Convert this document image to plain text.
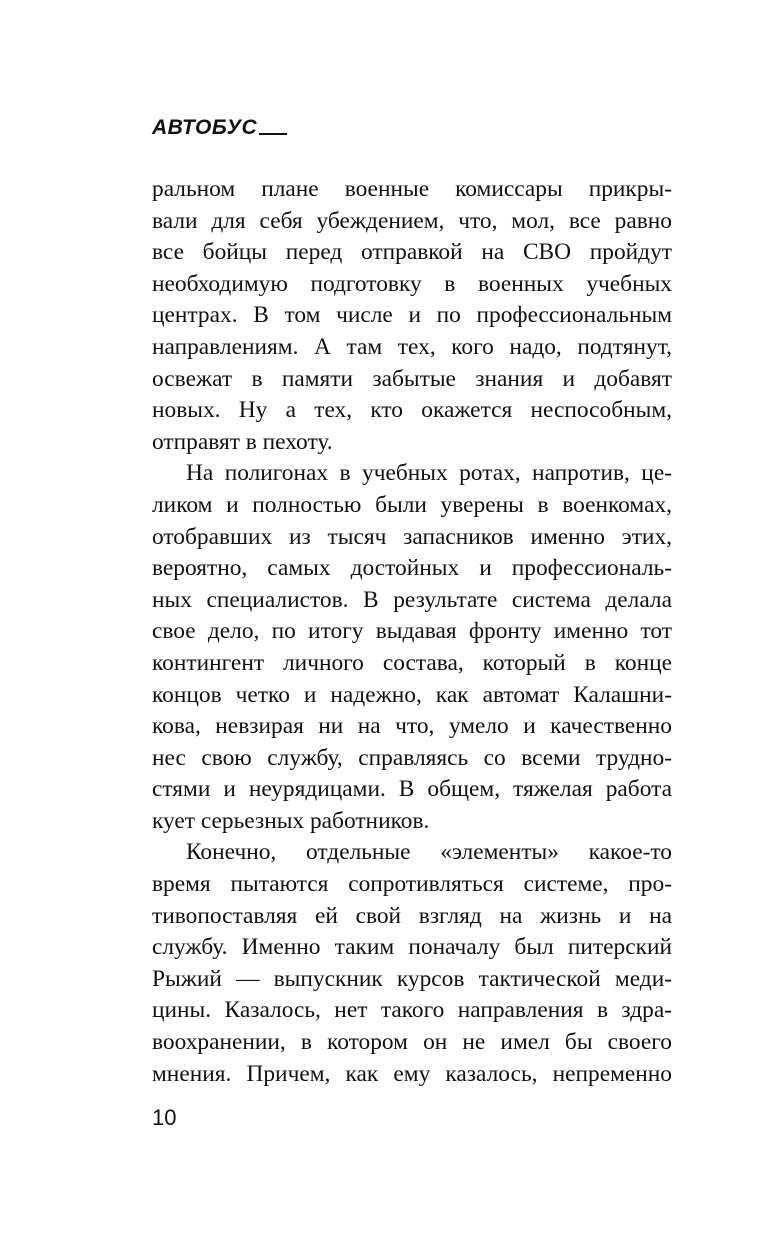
АВТОБУС
ральном плане военные комиссары прикры-
вали для себя убеждением, что, мол, все равно
все бойцы перед отправкой на СВО пройдут
необходимую подготовку в военных учебных
центрах. В том числе и по профессиональным
направлениям. А там тех, кого надо, подтянут,
освежат в памяти забытые знания и добавят
новых. Ну а тех, кто окажется неспособным,
отправят в пехоту.
На полигонах в учебных ротах, напротив, це-
ликом и полностью были уверены в военкомах,
отобравших из тысяч запасников именно этих,
вероятно, самых достойных и профессиональ-
ных специалистов. В результате система делала
свое дело, по итогу выдавая фронту именно тот
контингент личного состава, который в конце
концов четко и надежно, как автомат Калашни-
кова, невзирая ни на что, умело и качественно
нес свою службу, справляясь со всеми трудно-
стями и неурядицами. В общем, тяжелая работа
кует серьезных работников.
Конечно, отдельные «элементы» какое-то
время пытаются сопротивляться системе, про-
тивопоставляя ей свой взгляд на жизнь и на
службу. Именно таким поначалу был питерский
Рыжий — выпускник курсов тактической меди-
цины. Казалось, нет такого направления в здра-
воохранении, в котором он не имел бы своего
мнения. Причем, как ему казалось, непременно
10
